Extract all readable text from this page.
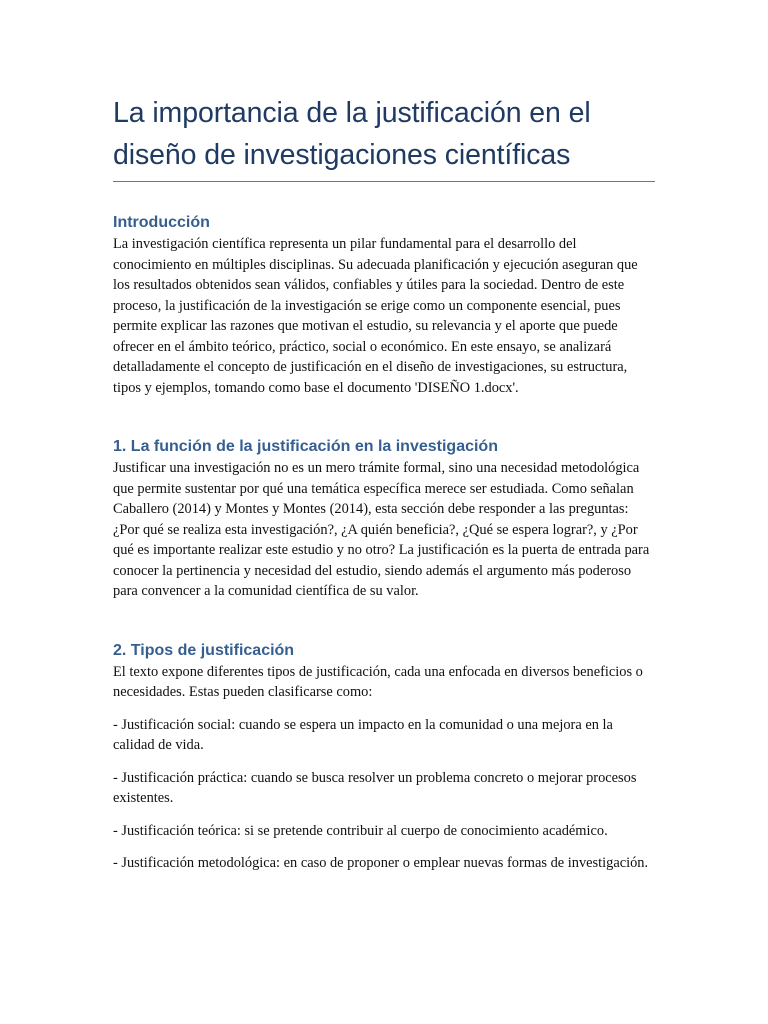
La importancia de la justificación en el
diseño de investigaciones científicas
Introducción

La investigación científica representa un pilar fundamental para el desarrollo del conocimiento en múltiples disciplinas. Su adecuada planificación y ejecución aseguran que los resultados obtenidos sean válidos, confiables y útiles para la sociedad. Dentro de este proceso, la justificación de la investigación se erige como un componente esencial, pues permite explicar las razones que motivan el estudio, su relevancia y el aporte que puede ofrecer en el ámbito teórico, práctico, social o económico. En este ensayo, se analizará detalladamente el concepto de justificación en el diseño de investigaciones, su estructura, tipos y ejemplos, tomando como base el documento 'DISEÑO 1.docx'.

1. La función de la justificación en la investigación

Justificar una investigación no es un mero trámite formal, sino una necesidad metodológica que permite sustentar por qué una temática específica merece ser estudiada. Como señalan Caballero (2014) y Montes y Montes (2014), esta sección debe responder a las preguntas: ¿Por qué se realiza esta investigación?, ¿A quién beneficia?, ¿Qué se espera lograr?, y ¿Por qué es importante realizar este estudio y no otro? La justificación es la puerta de entrada para conocer la pertinencia y necesidad del estudio, siendo además el argumento más poderoso para convencer a la comunidad científica de su valor.

2. Tipos de justificación

El texto expone diferentes tipos de justificación, cada una enfocada en diversos beneficios o necesidades. Estas pueden clasificarse como:

- Justificación social: cuando se espera un impacto en la comunidad o una mejora en la calidad de vida.

- Justificación práctica: cuando se busca resolver un problema concreto o mejorar procesos existentes.

- Justificación teórica: si se pretende contribuir al cuerpo de conocimiento académico.

- Justificación metodológica: en caso de proponer o emplear nuevas formas de investigación.
